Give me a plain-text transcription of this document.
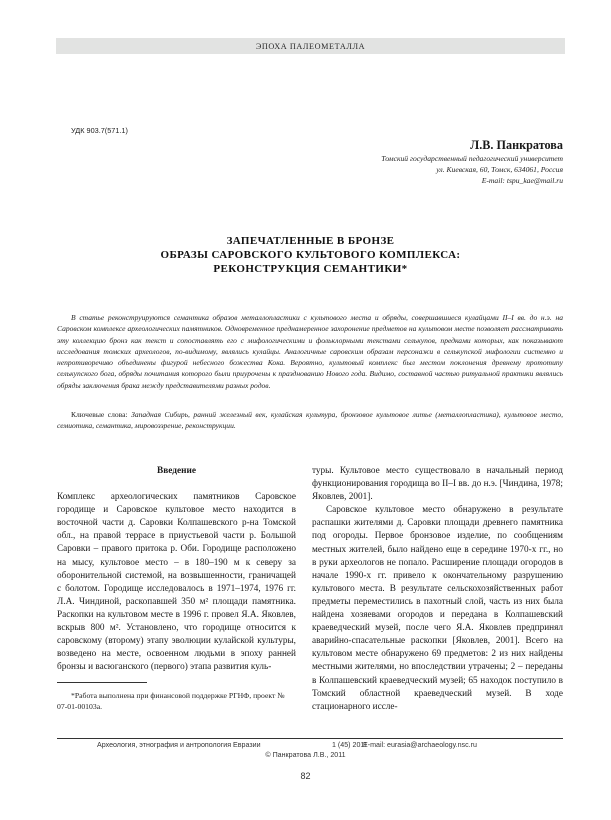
ЭПОХА ПАЛЕОМЕТАЛЛА
УДК 903.7(571.1)
Л.В. Панкратова
Томский государственный педагогический университет
ул. Киевская, 60, Томск, 634061, Россия
E-mail: tspu_kae@mail.ru
ЗАПЕЧАТЛЕННЫЕ В БРОНЗЕ
ОБРАЗЫ САРОВСКОГО КУЛЬТОВОГО КОМПЛЕКСА:
РЕКОНСТРУКЦИЯ СЕМАНТИКИ*
В статье реконструируются семантика образов металлопластики с культового места и обряды, совершавшиеся кулайцами II–I вв. до н.э. на Саровском комплексе археологических памятников. Одновременное преднамеренное захоронение предметов на культовом месте позволяет рассматривать эту коллекцию бронз как текст и сопоставлять его с мифологическими и фольклорными текстами селькупов, предками которых, как показывают исследования томских археологов, по-видимому, являлись кулайцы. Аналогичные саровским образам персонажи в селькупской мифологии системно и непротиворечиво объединены фигурой небесного божества Кока. Вероятно, культовый комплекс был местом поклонения древнему прототипу селькупского бога, обряды почитания которого были приурочены к празднованию Нового года. Видимо, составной частью ритуальной практики являлись обряды заключения брака между представителями разных родов.
Ключевые слова: Западная Сибирь, ранний железный век, кулайская культура, бронзовое культовое литье (металлопластика), культовое место, семиотика, семантика, мировоззрение, реконструкции.

Введение

Комплекс археологических памятников Саровское городище и Саровское культовое место находится в восточной части д. Саровки Колпашевского р-на Томской обл., на правой террасе в приустьевой части р. Большой Саровки – правого притока р. Оби. Городище расположено на мысу, культовое место – в 180–190 м к северу за оборонительной системой, на возвышенности, граничащей с болотом. Городище исследовалось в 1971–1974, 1976 гг. Л.А. Чиндиной, раскопавшей 350 м² площади памятника. Раскопки на культовом месте в 1996 г. провел Я.А. Яковлев, вскрыв 800 м². Установлено, что городище относится к саровскому (второму) этапу эволюции кулайской культуры, возведено на месте, освоенном людьми в эпоху ранней бронзы и васюганского (первого) этапа развития куль-

туры. Культовое место существовало в начальный период функционирования городища во II–I вв. до н.э. [Чиндина, 1978; Яковлев, 2001].

Саровское культовое место обнаружено в результате распашки жителями д. Саровки площади древнего памятника под огороды. Первое бронзовое изделие, по сообщениям местных жителей, было найдено еще в середине 1970-х гг., но в руки археологов не попало. Расширение площади огородов в начале 1990-х гг. привело к окончательному разрушению культового места. В результате сельскохозяйственных работ предметы переместились в пахотный слой, часть из них была найдена хозяевами огородов и передана в Колпашевский краеведческий музей, после чего Я.А. Яковлев предпринял аварийно-спасательные раскопки [Яковлев, 2001]. Всего на культовом месте обнаружено 69 предметов: 2 из них найдены местными жителями, но впоследствии утрачены; 2 – переданы в Колпашевский краеведческий музей; 65 находок поступило в Томский областной краеведческий музей. В ходе стационарного иссле-

*Работа выполнена при финансовой поддержке РГНФ, проект № 07-01-00103а.
Археология, этнография и антропология Евразии	1 (45) 2011
E-mail: eurasia@archaeology.nsc.ru
© Панкратова Л.В., 2011
82
